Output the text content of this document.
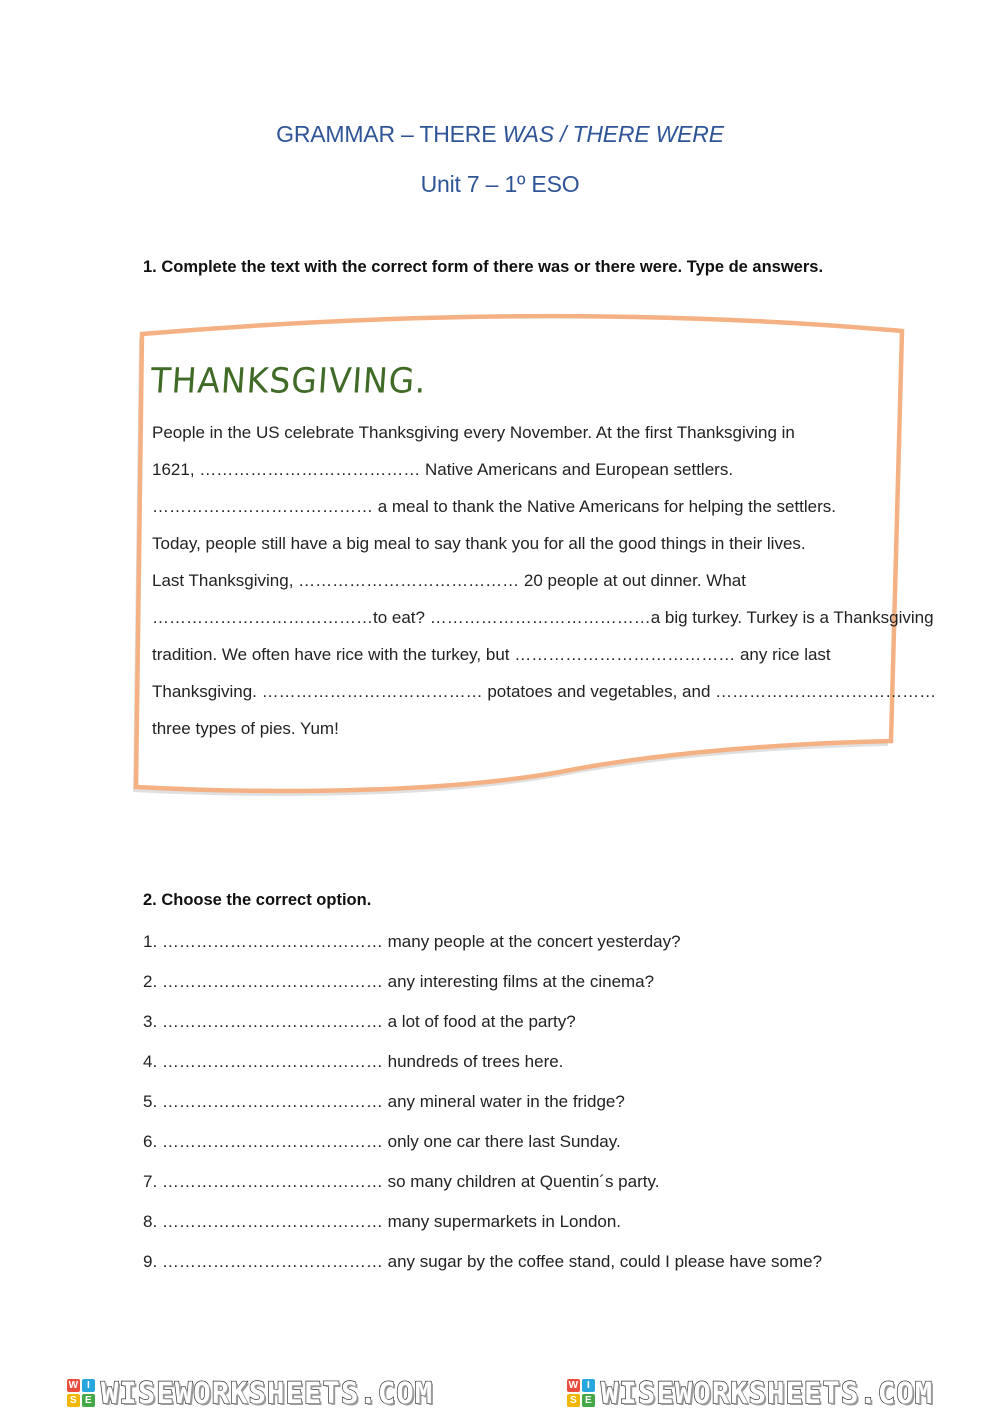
GRAMMAR – THERE WAS / THERE WERE
Unit 7 – 1º ESO
1. Complete the text with the correct form of there was or there were. Type de answers.
THANKSGIVING.
People in the US celebrate Thanksgiving every November. At the first Thanksgiving in
1621, ………………………………… Native Americans and European settlers.
………………………………… a meal to thank the Native Americans for helping the settlers.
Today, people still have a big meal to say thank you for all the good things in their lives.
Last Thanksgiving, ………………………………… 20 people at out dinner. What
…………………………………to eat? …………………………………a big turkey. Turkey is a Thanksgiving
tradition. We often have rice with the turkey, but ………………………………… any rice last
Thanksgiving. ………………………………… potatoes and vegetables, and …………………………………
three types of pies. Yum!
2. Choose the correct option.
1. ………………………………… many people at the concert yesterday?
2. ………………………………… any interesting films at the cinema?
3. ………………………………… a lot of food at the party?
4. ………………………………… hundreds of trees here.
5. ………………………………… any mineral water in the fridge?
6. ………………………………… only one car there last Sunday.
7. ………………………………… so many children at Quentin´s party.
8. ………………………………… many supermarkets in London.
9. ………………………………… any sugar by the coffee stand, could I please have some?
W I
S E WISEWORKSHEETS.COM	W I
S E WISEWORKSHEETS.COM
